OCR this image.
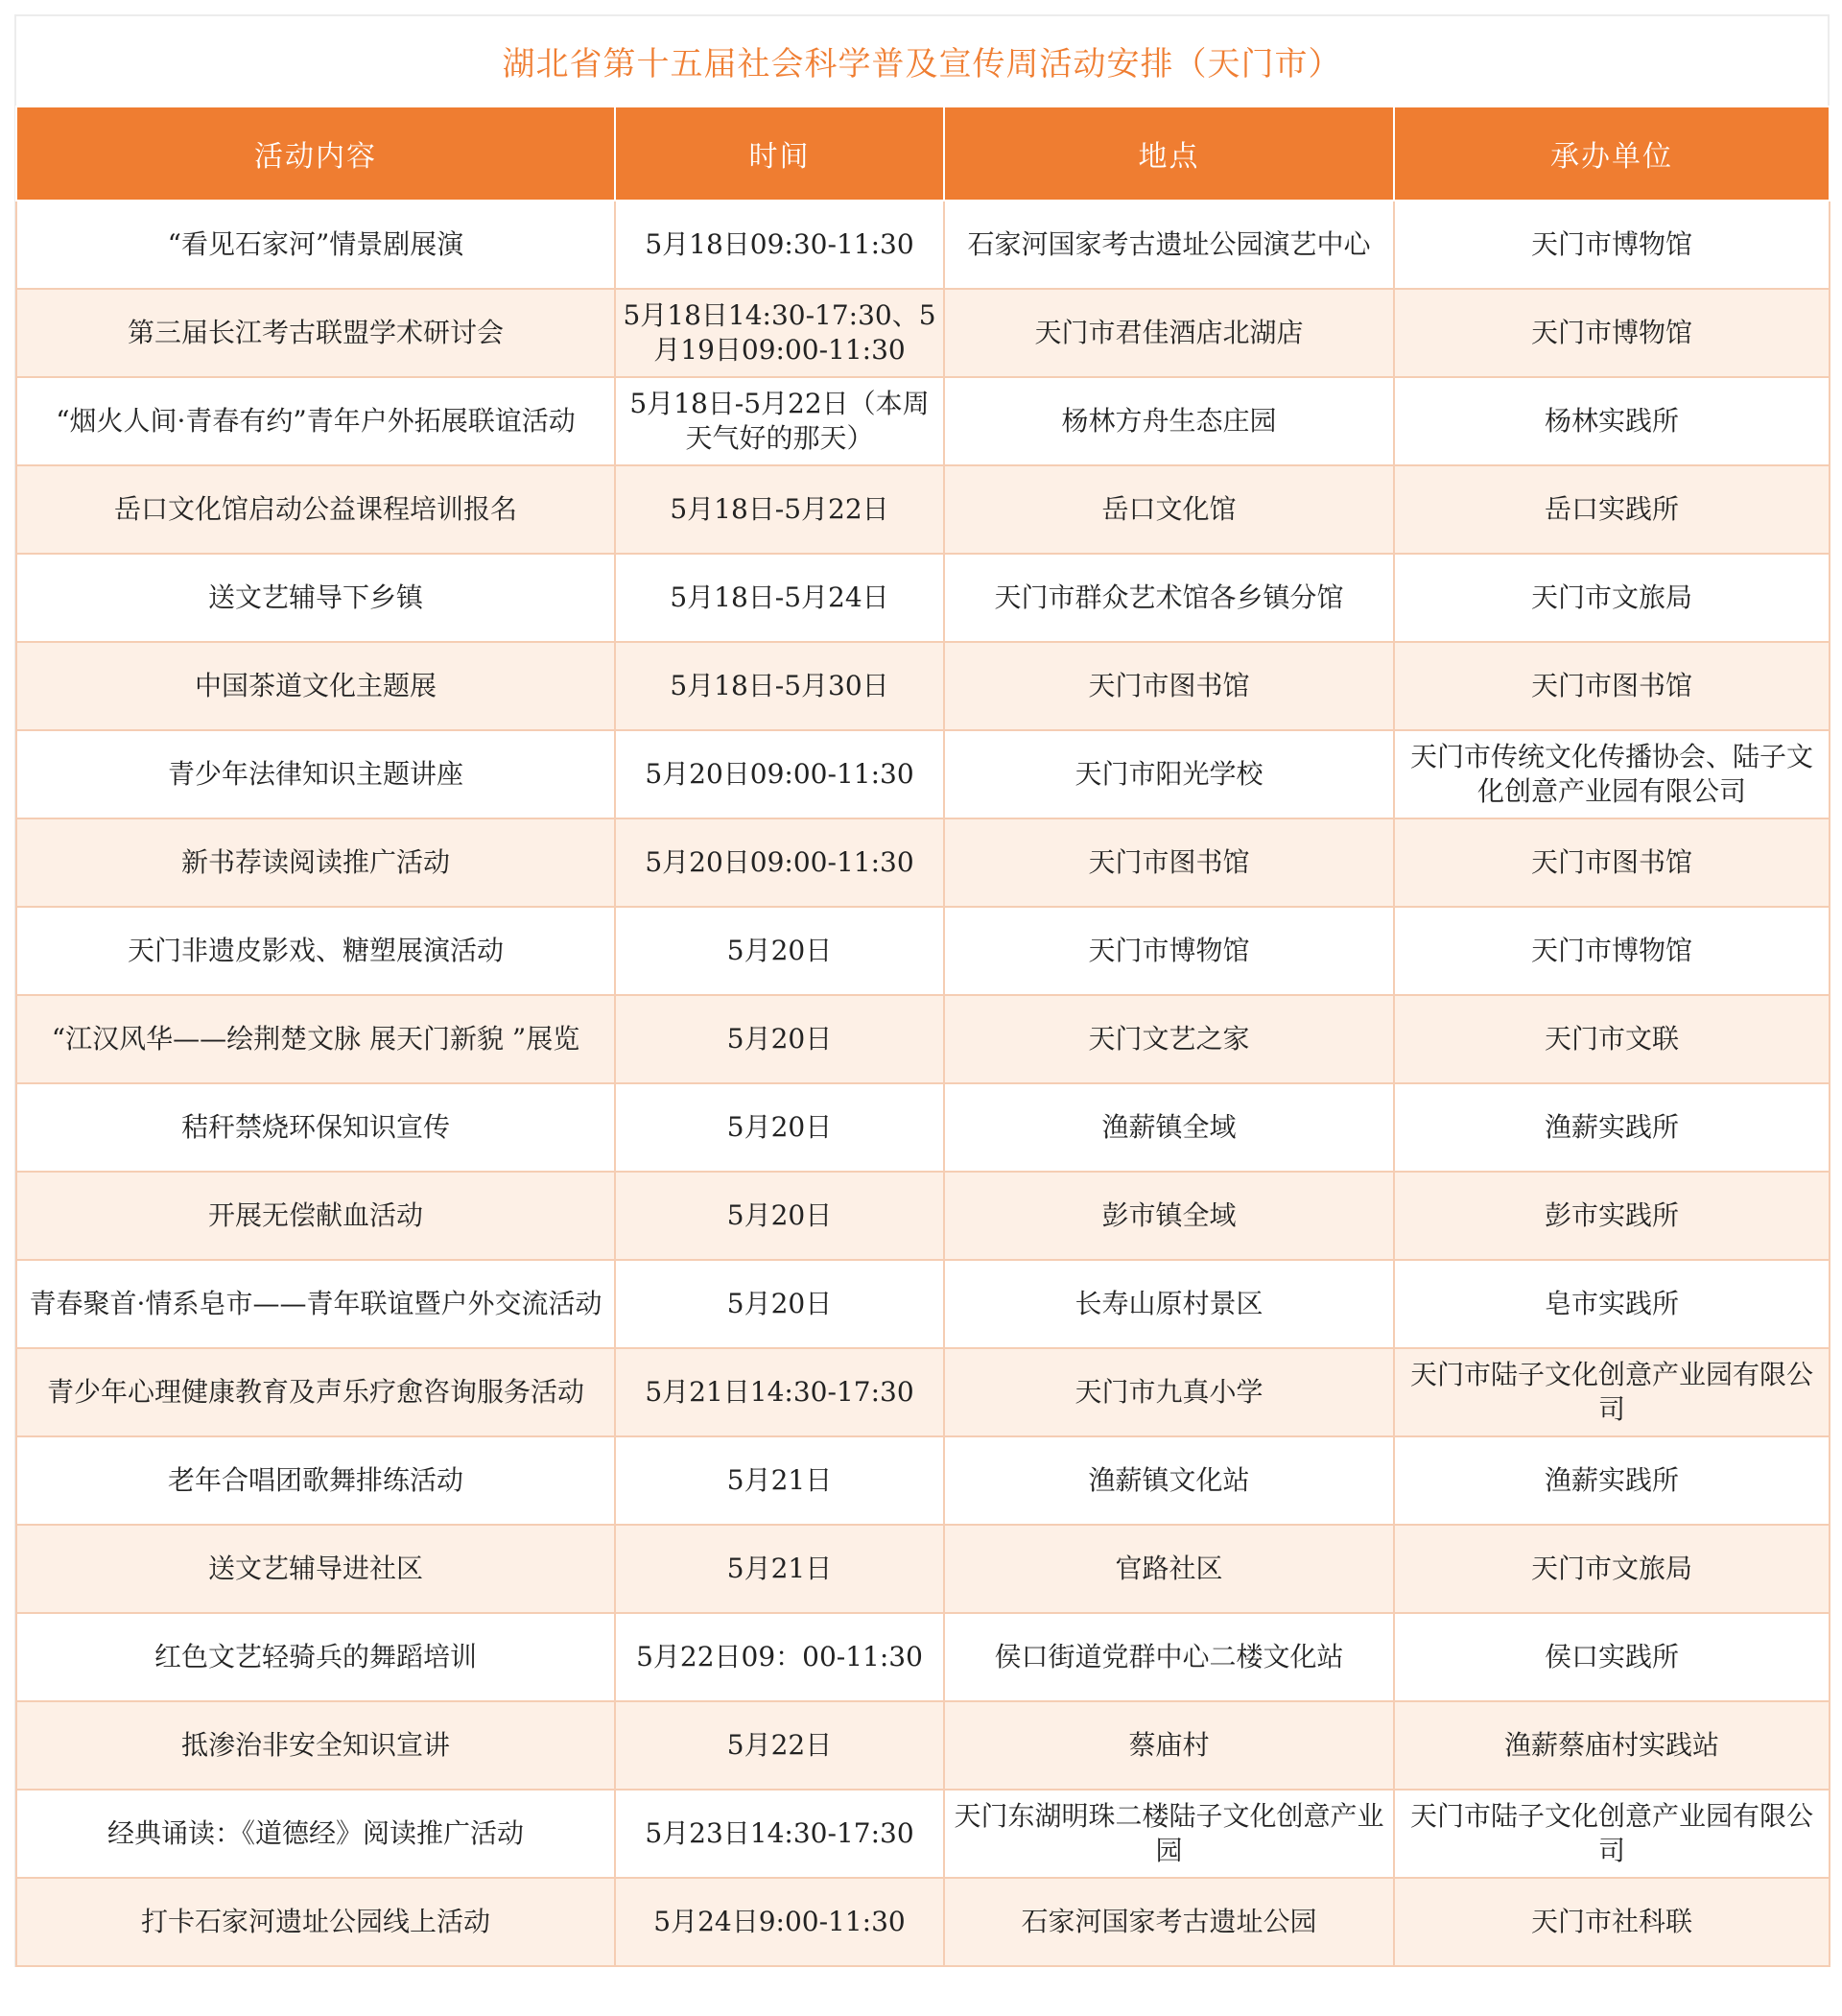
湖北省第十五届社会科学普及宣传周活动安排（天门市）
活动内容	时间	地点	承办单位
“看见石家河”情景剧展演	5月18日09:30-11:30	石家河国家考古遗址公园演艺中心	天门市博物馆
第三届长江考古联盟学术研讨会	5月18日14:30-17:30、5月19日09:00-11:30	天门市君佳酒店北湖店	天门市博物馆
“烟火人间·青春有约”青年户外拓展联谊活动	5月18日-5月22日（本周天气好的那天）	杨林方舟生态庄园	杨林实践所
岳口文化馆启动公益课程培训报名	5月18日-5月22日	岳口文化馆	岳口实践所
送文艺辅导下乡镇	5月18日-5月24日	天门市群众艺术馆各乡镇分馆	天门市文旅局
中国茶道文化主题展	5月18日-5月30日	天门市图书馆	天门市图书馆
青少年法律知识主题讲座	5月20日09:00-11:30	天门市阳光学校	天门市传统文化传播协会、陆子文化创意产业园有限公司
新书荐读阅读推广活动	5月20日09:00-11:30	天门市图书馆	天门市图书馆
天门非遗皮影戏、糖塑展演活动	5月20日	天门市博物馆	天门市博物馆
“江汉风华——绘荆楚文脉 展天门新貌 ”展览	5月20日	天门文艺之家	天门市文联
秸秆禁烧环保知识宣传	5月20日	渔薪镇全域	渔薪实践所
开展无偿献血活动	5月20日	彭市镇全域	彭市实践所
青春聚首·情系皂市——青年联谊暨户外交流活动	5月20日	长寿山原村景区	皂市实践所
青少年心理健康教育及声乐疗愈咨询服务活动	5月21日14:30-17:30	天门市九真小学	天门市陆子文化创意产业园有限公司
老年合唱团歌舞排练活动	5月21日	渔薪镇文化站	渔薪实践所
送文艺辅导进社区	5月21日	官路社区	天门市文旅局
红色文艺轻骑兵的舞蹈培训	5月22日09：00-11:30	侯口街道党群中心二楼文化站	侯口实践所
抵渗治非安全知识宣讲	5月22日	蔡庙村	渔薪蔡庙村实践站
经典诵读：《道德经》阅读推广活动	5月23日14:30-17:30	天门东湖明珠二楼陆子文化创意产业园	天门市陆子文化创意产业园有限公司
打卡石家河遗址公园线上活动	5月24日9:00-11:30	石家河国家考古遗址公园	天门市社科联
